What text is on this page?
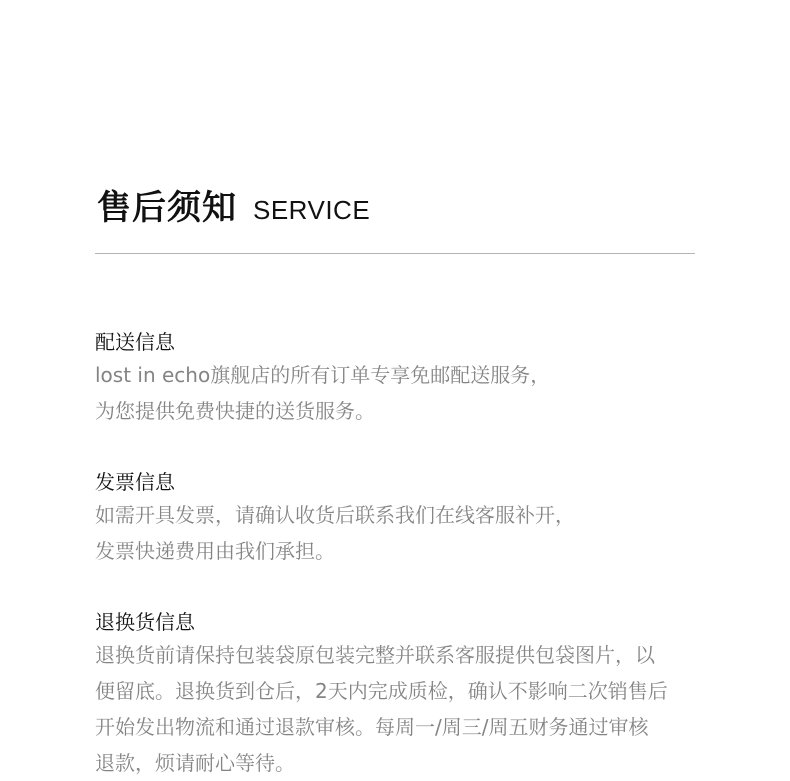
售后须知 SERVICE
配送信息
lost in echo旗舰店的所有订单专享免邮配送服务，
为您提供免费快捷的送货服务。
发票信息
如需开具发票，请确认收货后联系我们在线客服补开，
发票快递费用由我们承担。
退换货信息
退换货前请保持包装袋原包装完整并联系客服提供包袋图片，以
便留底。退换货到仓后，2天内完成质检，确认不影响二次销售后
开始发出物流和通过退款审核。每周一/周三/周五财务通过审核
退款，烦请耐心等待。
